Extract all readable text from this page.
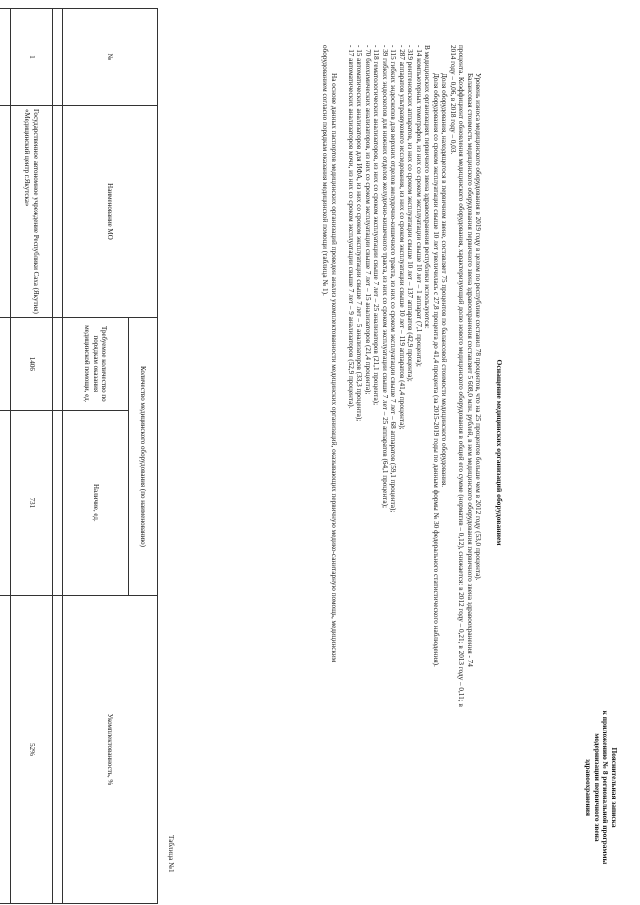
Пояснительная записка
к приложению № 8 региональной программы
модернизации первичного звена
здравоохранения
Оснащение медицинских организаций оборудованием

Уровень износа медицинского оборудования в 2019 году в целом по республике составил 78 процентов, что на 25 процентов больше чем в 2012 году (53,0 процента).

Балансовая стоимость медицинского оборудования первичного звена здравоохранения составляет 5 608,0 млн. рублей, в нем медицинского оборудования первичного звена здравоохранения - 74

процента. Коэффициент обновления медицинского оборудования, характеризующий долю нового медицинского оборудования в общей его сумме (норматив – 0,12), снижается: в 2012 году – 0,21; в 2013 году – 0,11; в

2014 году – 0,06, в 2018 году – 0,03.

Доля оборудования, находящегося в первичном звене, составляет 75 процентов по балансовой стоимости медицинского оборудования.

Доля оборудования со сроком эксплуатации свыше 10 лет увеличилась с 27,8 процента до 41,4 процента (за 2015-2019 годы по данным формы № 30 федерального статистического наблюдения).

В медицинских организациях первичного звена здравоохранения республики используются:

- 14 компьютерных томографов, из них со сроком эксплуатации свыше 10 лет – 1 аппарат (7,1 процента);

- 319 рентгеновских аппаратов, из них со сроком эксплуатации свыше 10 лет – 137 аппаратов (42,9 процента);

- 287 аппаратов ультразвукового исследования, из них со сроком эксплуатации свыше 10 лет – 119 аппаратов (41,4 процента);

- 115 гибких эндоскопов для верхних отделов желудочно-кишечного тракта, из них со сроком эксплуатации свыше 7 лет – 68 аппаратов (59,1 процента);

- 39 гибких эндоскопов для нижних отделов желудочно-кишечного тракта, из них со сроком эксплуатации свыше 7 лет – 25 аппаратов (64,1 процента);

- 118 гематологических анализаторов, из них со сроком эксплуатации свыше 7 лет – 25 анализаторов (21,1 процента);

- 70 биохимических анализаторов, из них со сроком эксплуатации свыше 7 лет – 15 анализаторов (21,4 процента);

- 15 автоматических анализаторов для ИФА, из них со сроком эксплуатации свыше 7 лет – 5 анализаторов (33,3 процента);

- 17 автоматических анализаторов мочи, из них со сроком эксплуатации свыше 7 лет – 9 анализаторов (52,9 процента).

На основе данных паспортов медицинских организаций проведен анализ укомплектованности медицинских организаций, оказывающих первичную медико-санитарную помощь, медицинским

оборудованием согласно порядкам оказания медицинской помощи (таблица № 1).

Таблица №1
№	Наименование МО	Количество медицинского оборудования (по наименованию)		Укомплектованность, %
		Требуемое количество по порядкам оказания медицинской помощи, ед.	Наличие, ед.	

1	Государственное автономное учреждение Республики Саха (Якутия) «Медицинский центр г.Якутска»	1406	731	52%
